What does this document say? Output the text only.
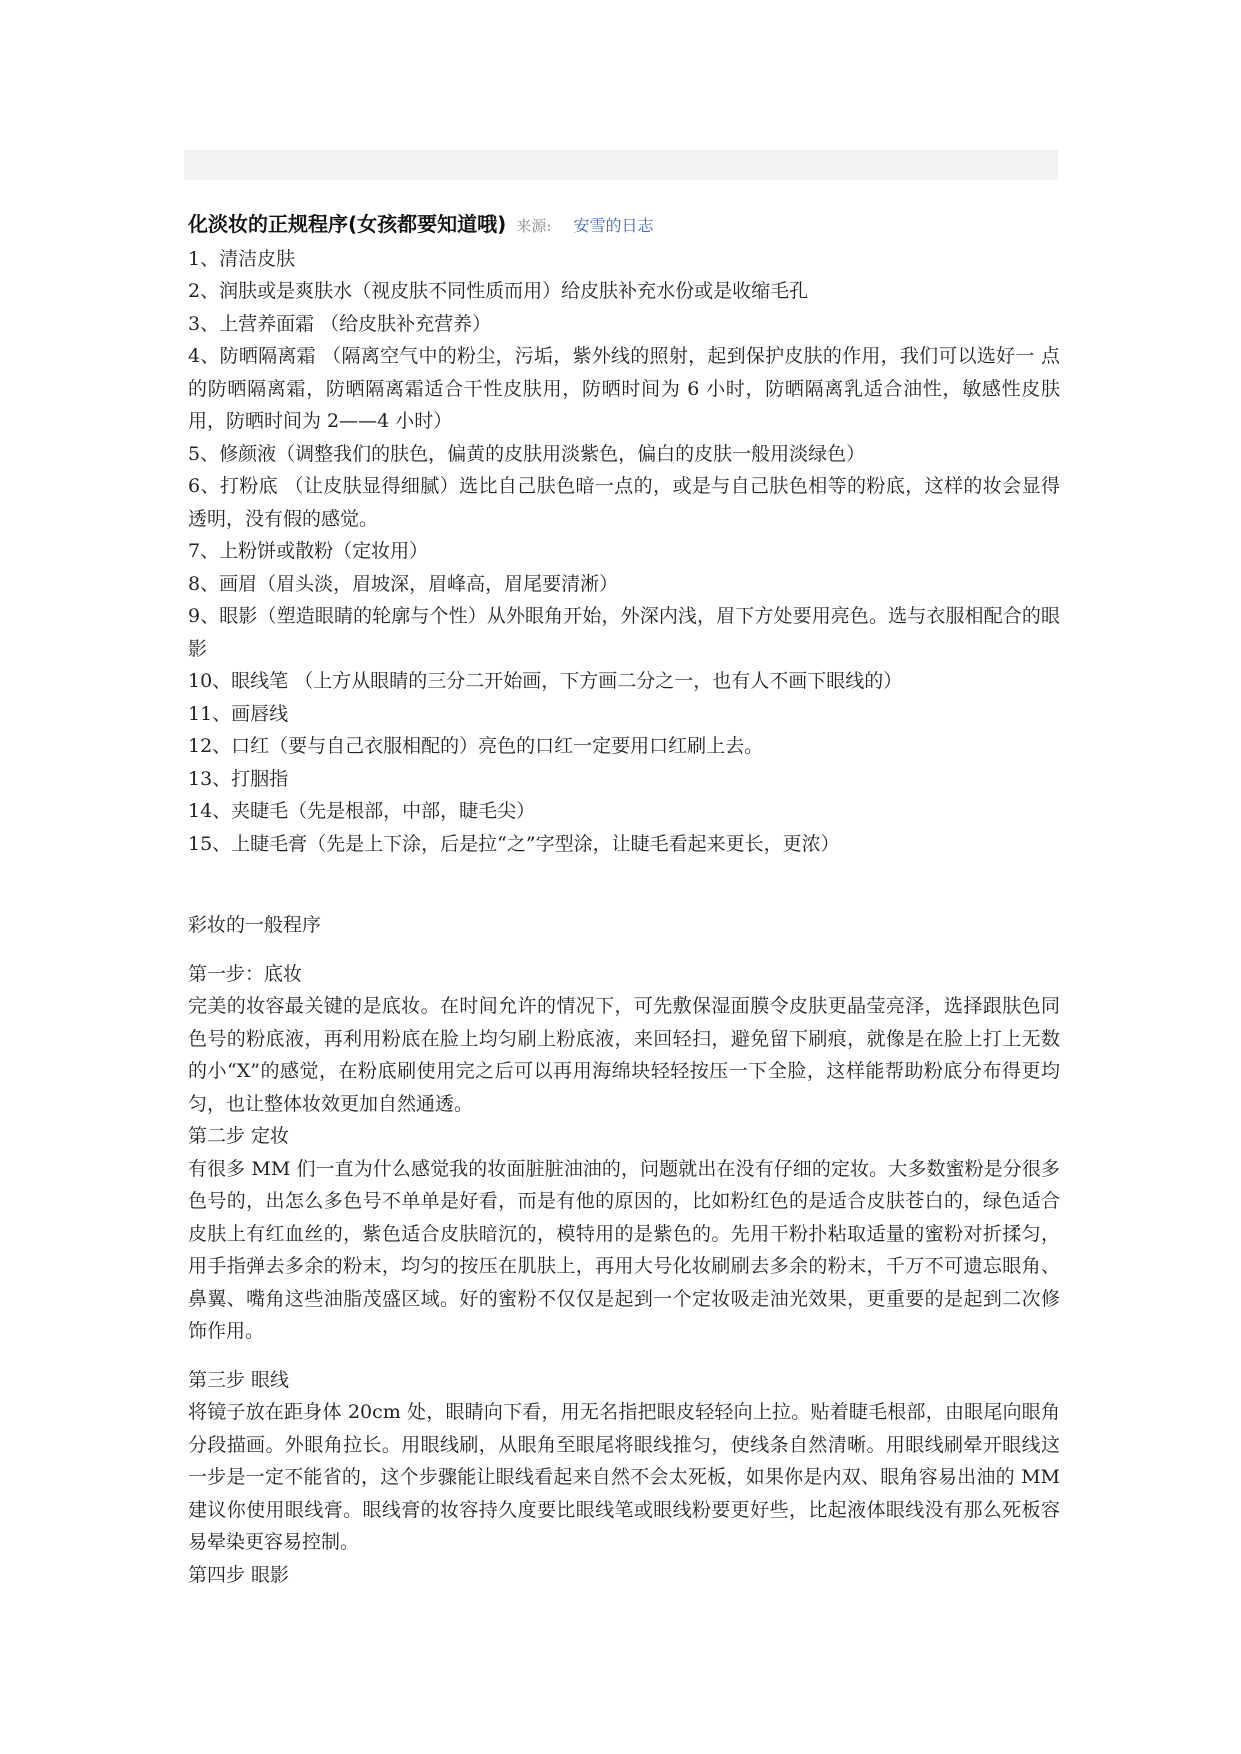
化淡妆的正规程序(女孩都要知道哦) 来源: 安雪的日志

1、清洁皮肤

2、润肤或是爽肤水（视皮肤不同性质而用）给皮肤补充水份或是收缩毛孔

3、上营养面霜 （给皮肤补充营养）

4、防晒隔离霜 （隔离空气中的粉尘，污垢，紫外线的照射，起到保护皮肤的作用，我们可以选好一 点的防晒隔离霜，防晒隔离霜适合干性皮肤用，防晒时间为 6 小时，防晒隔离乳适合油性，敏感性皮肤用，防晒时间为 2——4 小时）

5、修颜液（调整我们的肤色，偏黄的皮肤用淡紫色，偏白的皮肤一般用淡绿色）

6、打粉底 （让皮肤显得细腻）选比自己肤色暗一点的，或是与自己肤色相等的粉底，这样的妆会显得透明，没有假的感觉。

7、上粉饼或散粉（定妆用）

8、画眉（眉头淡，眉坡深，眉峰高，眉尾要清淅）

9、眼影（塑造眼睛的轮廓与个性）从外眼角开始，外深内浅，眉下方处要用亮色。选与衣服相配合的眼影

10、眼线笔 （上方从眼睛的三分二开始画，下方画二分之一，也有人不画下眼线的）

11、画唇线

12、口红（要与自己衣服相配的）亮色的口红一定要用口红刷上去。

13、打胭指

14、夹睫毛（先是根部，中部，睫毛尖）

15、上睫毛膏（先是上下涂，后是拉“之”字型涂，让睫毛看起来更长，更浓）

彩妆的一般程序

第一步：底妆

完美的妆容最关键的是底妆。在时间允许的情况下，可先敷保湿面膜令皮肤更晶莹亮泽，选择跟肤色同色号的粉底液，再利用粉底在脸上均匀刷上粉底液，来回轻扫，避免留下刷痕，就像是在脸上打上无数的小“X”的感觉，在粉底刷使用完之后可以再用海绵块轻轻按压一下全脸，这样能帮助粉底分布得更均匀，也让整体妆效更加自然通透。

第二步 定妆

有很多 MM 们一直为什么感觉我的妆面脏脏油油的，问题就出在没有仔细的定妆。大多数蜜粉是分很多色号的，出怎么多色号不单单是好看，而是有他的原因的，比如粉红色的是适合皮肤苍白的，绿色适合皮肤上有红血丝的，紫色适合皮肤暗沉的，模特用的是紫色的。先用干粉扑粘取适量的蜜粉对折揉匀，用手指弹去多余的粉末，均匀的按压在肌肤上，再用大号化妆刷刷去多余的粉末，千万不可遗忘眼角、鼻翼、嘴角这些油脂茂盛区域。好的蜜粉不仅仅是起到一个定妆吸走油光效果，更重要的是起到二次修饰作用。

第三步 眼线

将镜子放在距身体 20cm 处，眼睛向下看，用无名指把眼皮轻轻向上拉。贴着睫毛根部，由眼尾向眼角分段描画。外眼角拉长。用眼线刷，从眼角至眼尾将眼线推匀，使线条自然清晰。用眼线刷晕开眼线这一步是一定不能省的，这个步骤能让眼线看起来自然不会太死板，如果你是内双、眼角容易出油的 MM 建议你使用眼线膏。眼线膏的妆容持久度要比眼线笔或眼线粉要更好些，比起液体眼线没有那么死板容易晕染更容易控制。

第四步 眼影
